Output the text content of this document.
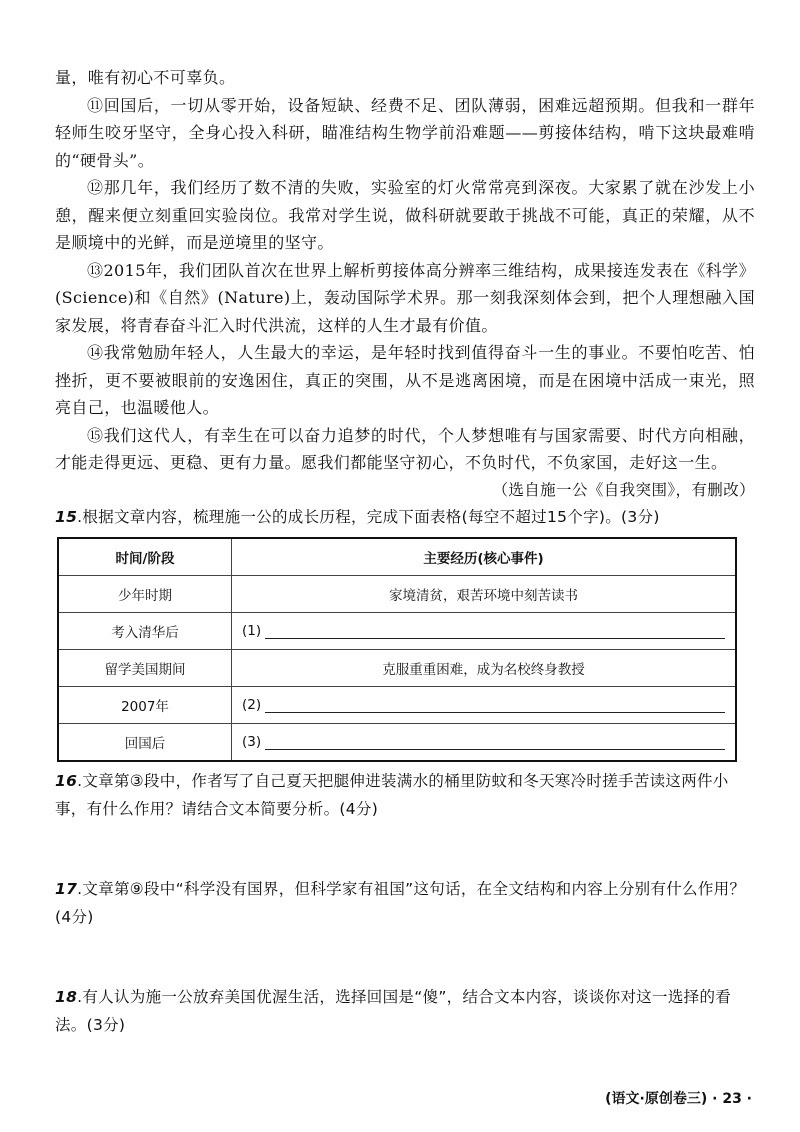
量，唯有初心不可辜负。

⑪回国后，一切从零开始，设备短缺、经费不足、团队薄弱，困难远超预期。但我和一群年轻师生咬牙坚守，全身心投入科研，瞄准结构生物学前沿难题——剪接体结构，啃下这块最难啃的“硬骨头”。

⑫那几年，我们经历了数不清的失败，实验室的灯火常常亮到深夜。大家累了就在沙发上小憩，醒来便立刻重回实验岗位。我常对学生说，做科研就要敢于挑战不可能，真正的荣耀，从不是顺境中的光鲜，而是逆境里的坚守。

⑬2015年，我们团队首次在世界上解析剪接体高分辨率三维结构，成果接连发表在《科学》(Science)和《自然》(Nature)上，轰动国际学术界。那一刻我深刻体会到，把个人理想融入国家发展，将青春奋斗汇入时代洪流，这样的人生才最有价值。

⑭我常勉励年轻人，人生最大的幸运，是年轻时找到值得奋斗一生的事业。不要怕吃苦、怕挫折，更不要被眼前的安逸困住，真正的突围，从不是逃离困境，而是在困境中活成一束光，照亮自己，也温暖他人。

⑮我们这代人，有幸生在可以奋力追梦的时代，个人梦想唯有与国家需要、时代方向相融，才能走得更远、更稳、更有力量。愿我们都能坚守初心，不负时代，不负家国，走好这一生。

（选自施一公《自我突围》，有删改）

15.根据文章内容，梳理施一公的成长历程，完成下面表格(每空不超过15个字)。(3分)

时间/阶段	主要经历(核心事件)
少年时期	家境清贫，艰苦环境中刻苦读书
考入清华后	(1)

留学美国期间	克服重重困难，成为名校终身教授
2007年	(2)

回国后	(3)

16.文章第③段中，作者写了自己夏天把腿伸进装满水的桶里防蚊和冬天寒冷时搓手苦读这两件小事，有什么作用？请结合文本简要分析。(4分)

17.文章第⑨段中“科学没有国界，但科学家有祖国”这句话，在全文结构和内容上分别有什么作用？(4分)

18.有人认为施一公放弃美国优渥生活，选择回国是“傻”，结合文本内容，谈谈你对这一选择的看法。(3分)

(语文·原创卷三) · 23 ·
